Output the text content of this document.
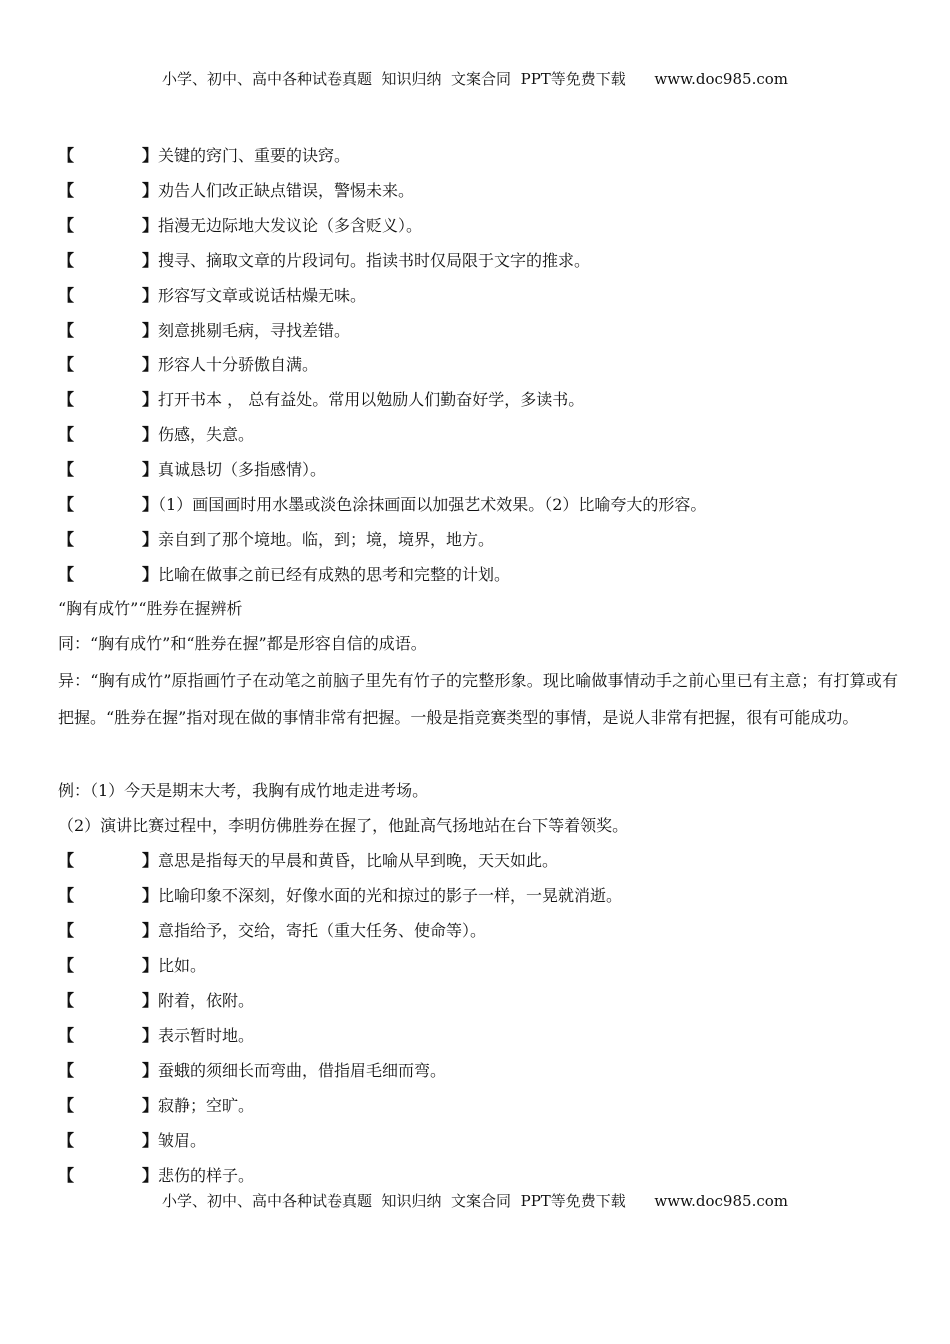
小学、初中、高中各种试卷真题  知识归纳  文案合同  PPT等免费下载      www.doc985.com
【	】关键的窍门、重要的诀窍。
【	】劝告人们改正缺点错误，警惕未来。
【	】指漫无边际地大发议论（多含贬义）。
【	】搜寻、摘取文章的片段词句。指读书时仅局限于文字的推求。
【	】形容写文章或说话枯燥无味。
【	】刻意挑剔毛病，寻找差错。
【	】形容人十分骄傲自满。
【	】打开书本 ， 总有益处。常用以勉励人们勤奋好学，多读书。
【	】伤感，失意。
【	】真诚恳切（多指感情）。
【	】（1）画国画时用水墨或淡色涂抹画面以加强艺术效果。（2）比喻夸大的形容。
【	】亲自到了那个境地。临，到；境，境界，地方。
【	】比喻在做事之前已经有成熟的思考和完整的计划。
“胸有成竹”“胜券在握辨析
同：“胸有成竹”和“胜券在握”都是形容自信的成语。
异：“胸有成竹”原指画竹子在动笔之前脑子里先有竹子的完整形象。现比喻做事情动手之前心里已有主意；有打算或有把握。“胜券在握”指对现在做的事情非常有把握。一般是指竞赛类型的事情，是说人非常有把握，很有可能成功。
例：（1）今天是期末大考，我胸有成竹地走进考场。
（2）演讲比赛过程中，李明仿佛胜券在握了，他趾高气扬地站在台下等着领奖。
【	】意思是指每天的早晨和黄昏，比喻从早到晚，天天如此。
【	】比喻印象不深刻，好像水面的光和掠过的影子一样，一晃就消逝。
【	】意指给予，交给，寄托（重大任务、使命等）。
【	】比如。
【	】附着，依附。
【	】表示暂时地。
【	】蚕蛾的须细长而弯曲，借指眉毛细而弯。
【	】寂静；空旷。
【	】皱眉。
【	】悲伤的样子。
小学、初中、高中各种试卷真题  知识归纳  文案合同  PPT等免费下载      www.doc985.com
